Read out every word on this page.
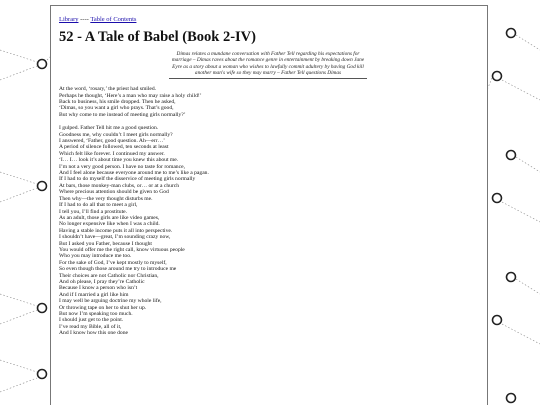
Library ---- Table of Contents
52 - A Tale of Babel (Book 2-IV)
Dimas relates a mundane conversation with Father Tell regarding his expectations for marriage – Dimas raves about the romance genre in entertainment by breaking down Jane Eyre as a story about a woman who wishes to lawfully commit adultery by having God kill another man's wife so they may marry – Father Tell questions Dimas
At the word, ‘rosary,’ the priest had smiled.
Perhaps he thought, ‘Here’s a man who may raise a holy child!’
Back to business, his smile dropped. Then he asked,
‘Dimas, so you want a girl who prays. That’s good,
But why come to me instead of meeting girls normally?’
I gulped. Father Tell hit me a good question.
Goodness me, why couldn’t I meet girls normally?
I answered, ‘Father, good question. Ah—err…’
A period of silence followed, ten seconds at least
Which felt like forever. I continued my answer.
‘I… I… look it’s about time you knew this about me.
I’m not a very good person. I have no taste for romance,
And I feel alone because everyone around me to me’s like a pagan.
If I had to do myself the disservice of meeting girls normally
At bars, those monkey-man clubs, or… or at a church
Where precious attention should be given to God
Then why—the very thought disturbs me.
If I had to do all that to meet a girl,
I tell you, I’ll find a prostitute.
As an adult, those girls are like video games,
No longer expensive like when I was a child.
Having a stable income puts it all into perspective.
I shouldn’t have—great, I’m sounding crazy now,
But I asked you Father, because I thought
You would offer me the right call, know virtuous people
Who you may introduce me too.
For the sake of God, I’ve kept mostly to myself,
So even though those around me try to introduce me
Their choices are not Catholic nor Christian,
And oh please, I pray they’re Catholic
Because I know a person who isn’t
And if I married a girl like him
I may well be arguing doctrine my whole life,
Or throwing tape on her to shut her up.
But now I’m speaking too much.
I should just get to the point.
I’ve read my Bible, all of it,
And I know how this one done
